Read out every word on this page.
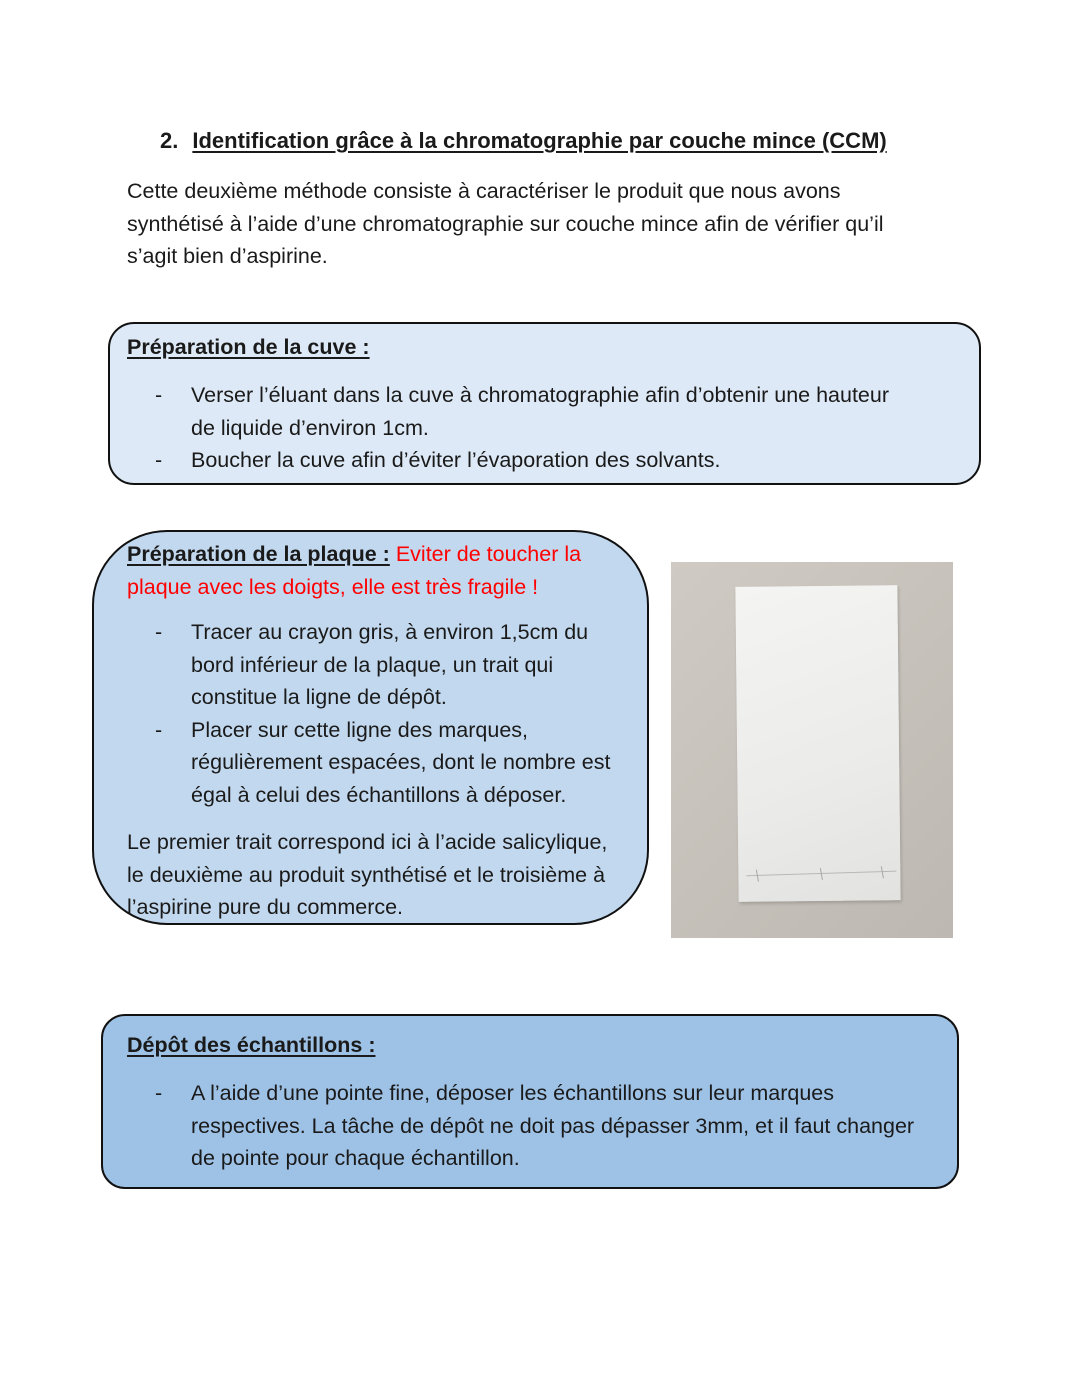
2. Identification grâce à la chromatographie par couche mince (CCM)
Cette deuxième méthode consiste à caractériser le produit que nous avons
synthétisé à l’aide d’une chromatographie sur couche mince afin de vérifier qu’il
s’agit bien d’aspirine.
Préparation de la cuve :
- Verser l’éluant dans la cuve à chromatographie afin d’obtenir une hauteur
de liquide d’environ 1cm.
- Boucher la cuve afin d’éviter l’évaporation des solvants.
Préparation de la plaque : Eviter de toucher la
plaque avec les doigts, elle est très fragile !
- Tracer au crayon gris, à environ 1,5cm du
bord inférieur de la plaque, un trait qui
constitue la ligne de dépôt.
- Placer sur cette ligne des marques,
régulièrement espacées, dont le nombre est
égal à celui des échantillons à déposer.
Le premier trait correspond ici à l’acide salicylique,
le deuxième au produit synthétisé et le troisième à
l’aspirine pure du commerce.
Dépôt des échantillons :
- A l’aide d’une pointe fine, déposer les échantillons sur leur marques
respectives. La tâche de dépôt ne doit pas dépasser 3mm, et il faut changer
de pointe pour chaque échantillon.
